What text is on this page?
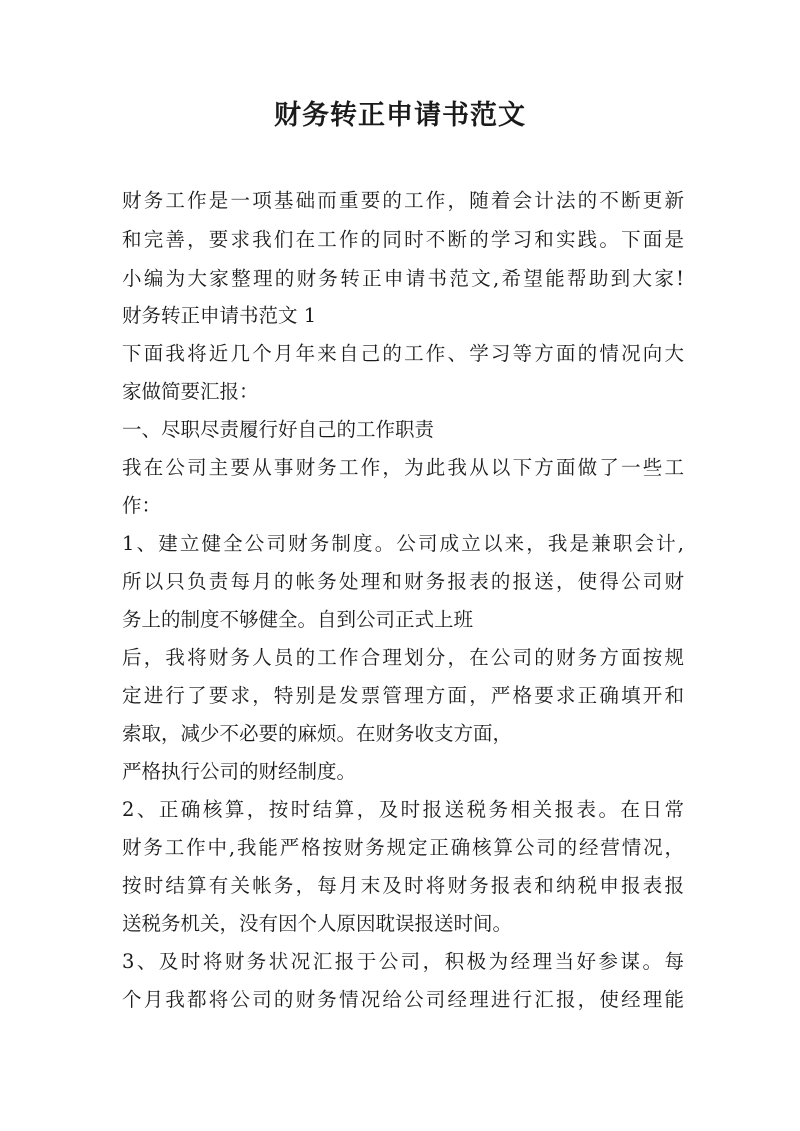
财务转正申请书范文

财务工作是一项基础而重要的工作，随着会计法的不断更新

和完善，要求我们在工作的同时不断的学习和实践。下面是

小编为大家整理的财务转正申请书范文,希望能帮助到大家!

财务转正申请书范文 1

下面我将近几个月年来自己的工作、学习等方面的情况向大

家做简要汇报：

一、尽职尽责履行好自己的工作职责

我在公司主要从事财务工作，为此我从以下方面做了一些工

作：

1、建立健全公司财务制度。公司成立以来，我是兼职会计,

所以只负责每月的帐务处理和财务报表的报送，使得公司财

务上的制度不够健全。自到公司正式上班

后，我将财务人员的工作合理划分，在公司的财务方面按规

定进行了要求，特别是发票管理方面，严格要求正确填开和

索取，减少不必要的麻烦。在财务收支方面，

严格执行公司的财经制度。

2、正确核算，按时结算，及时报送税务相关报表。在日常

财务工作中,我能严格按财务规定正确核算公司的经营情况，

按时结算有关帐务，每月末及时将财务报表和纳税申报表报

送税务机关，没有因个人原因耽误报送时间。

3、及时将财务状况汇报于公司，积极为经理当好参谋。每

个月我都将公司的财务情况给公司经理进行汇报，使经理能
